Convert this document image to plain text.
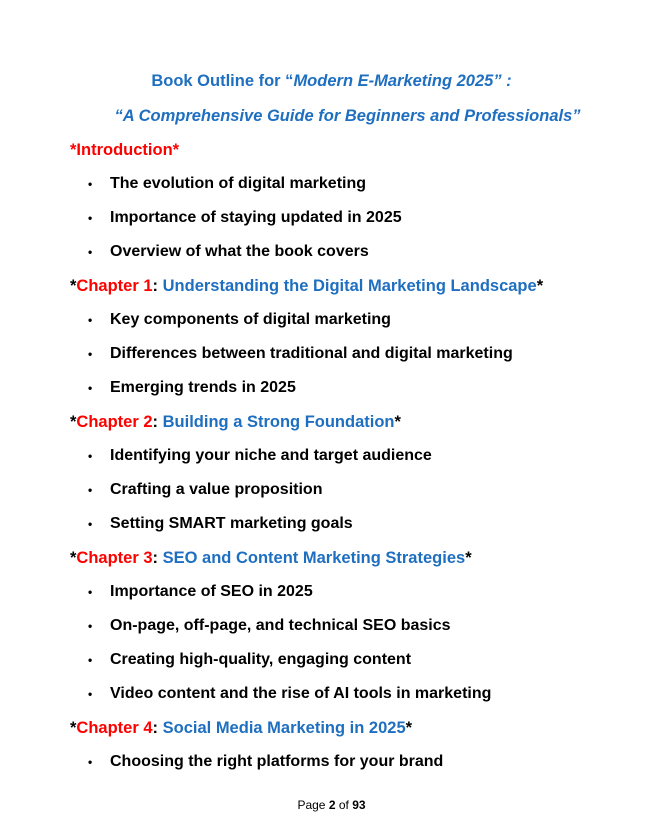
Book Outline for “Modern E-Marketing 2025” :
“A Comprehensive Guide for Beginners and Professionals”
*Introduction*
• The evolution of digital marketing
• Importance of staying updated in 2025
• Overview of what the book covers
*Chapter 1: Understanding the Digital Marketing Landscape*
• Key components of digital marketing
• Differences between traditional and digital marketing
• Emerging trends in 2025
*Chapter 2: Building a Strong Foundation*
• Identifying your niche and target audience
• Crafting a value proposition
• Setting SMART marketing goals
*Chapter 3: SEO and Content Marketing Strategies*
• Importance of SEO in 2025
• On-page, off-page, and technical SEO basics
• Creating high-quality, engaging content
• Video content and the rise of AI tools in marketing
*Chapter 4: Social Media Marketing in 2025*
• Choosing the right platforms for your brand
Page 2 of 93
